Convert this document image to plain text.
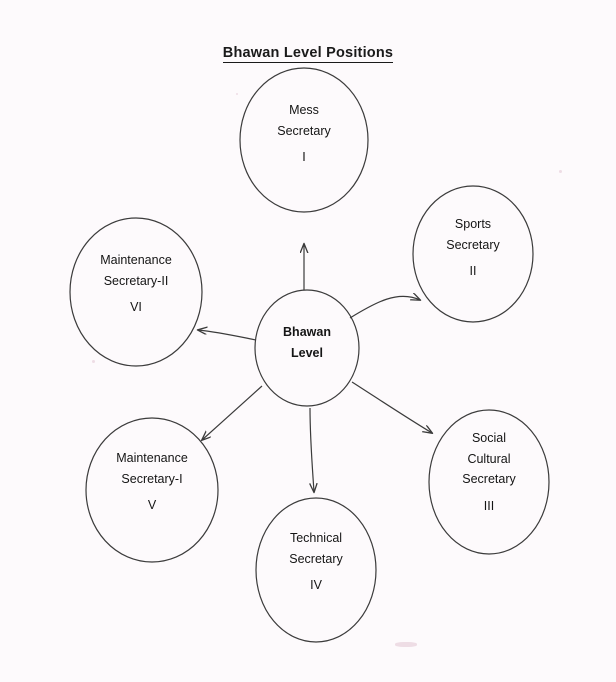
Bhawan Level Positions
Mess
Secretary
I
Sports
Secretary
II
Social
Cultural
Secretary
III
Technical
Secretary
IV
Maintenance
Secretary-I
V
Maintenance
Secretary-II
VI
Bhawan
Level
